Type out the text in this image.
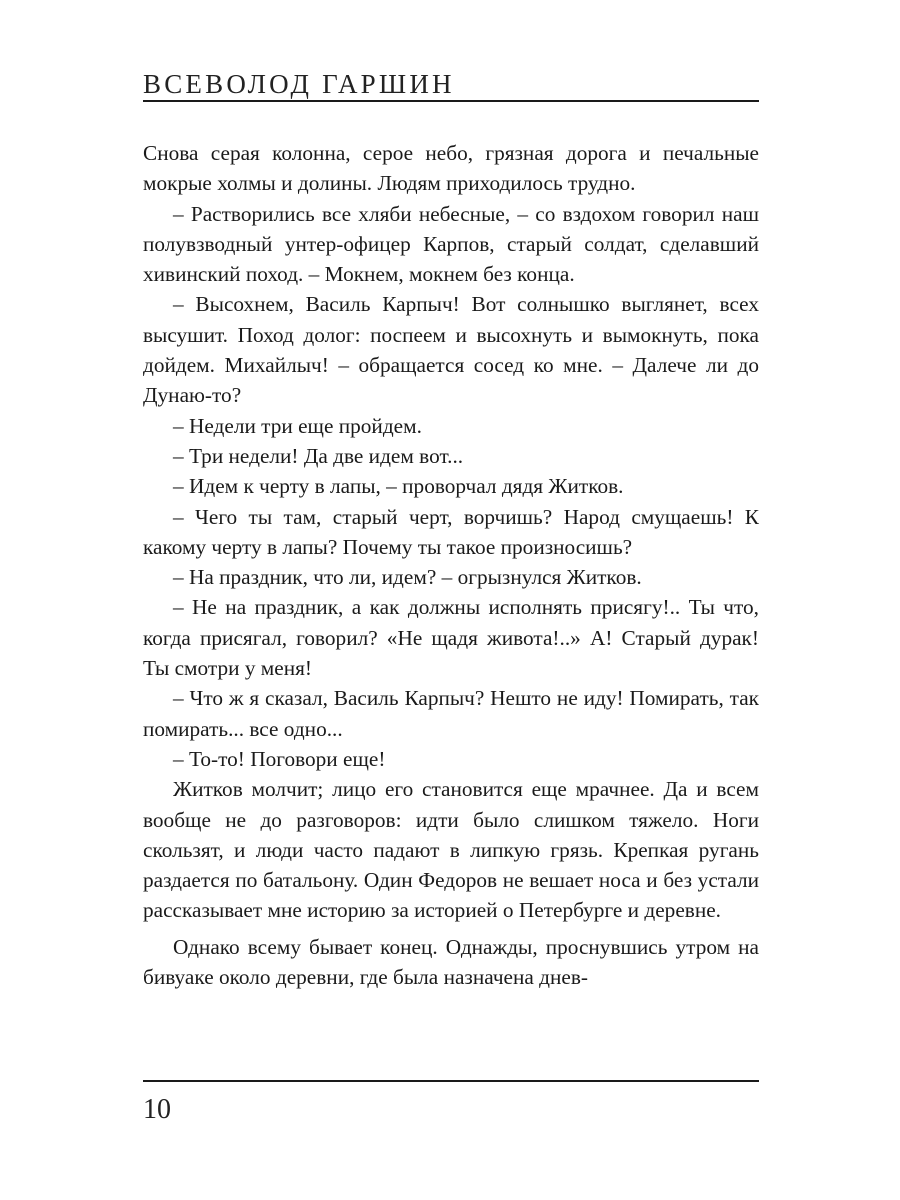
ВСЕВОЛОД ГАРШИН

Снова серая колонна, серое небо, грязная дорога и печальные мокрые холмы и долины. Людям приходилось трудно.

– Растворились все хляби небесные, – со вздохом говорил наш полувзводный унтер-офицер Карпов, старый солдат, сделавший хивинский поход. – Мокнем, мокнем без конца.

– Высохнем, Василь Карпыч! Вот солнышко выглянет, всех высушит. Поход долог: поспеем и высохнуть и вымокнуть, пока дойдем. Михайлыч! – обращается сосед ко мне. – Далече ли до Дунаю-то?

– Недели три еще пройдем.

– Три недели! Да две идем вот...

– Идем к черту в лапы, – проворчал дядя Житков.

– Чего ты там, старый черт, ворчишь? Народ смущаешь! К какому черту в лапы? Почему ты такое произносишь?

– На праздник, что ли, идем? – огрызнулся Житков.

– Не на праздник, а как должны исполнять присягу!.. Ты что, когда присягал, говорил? «Не щадя живота!..» А! Старый дурак! Ты смотри у меня!

– Что ж я сказал, Василь Карпыч? Нешто не иду! Помирать, так помирать... все одно...

– То-то! Поговори еще!

Житков молчит; лицо его становится еще мрачнее. Да и всем вообще не до разговоров: идти было слишком тяжело. Ноги скользят, и люди часто падают в липкую грязь. Крепкая ругань раздается по батальону. Один Федоров не вешает носа и без устали рассказывает мне историю за историей о Петербурге и деревне.

Однако всему бывает конец. Однажды, проснувшись утром на бивуаке около деревни, где была назначена днев-

10
